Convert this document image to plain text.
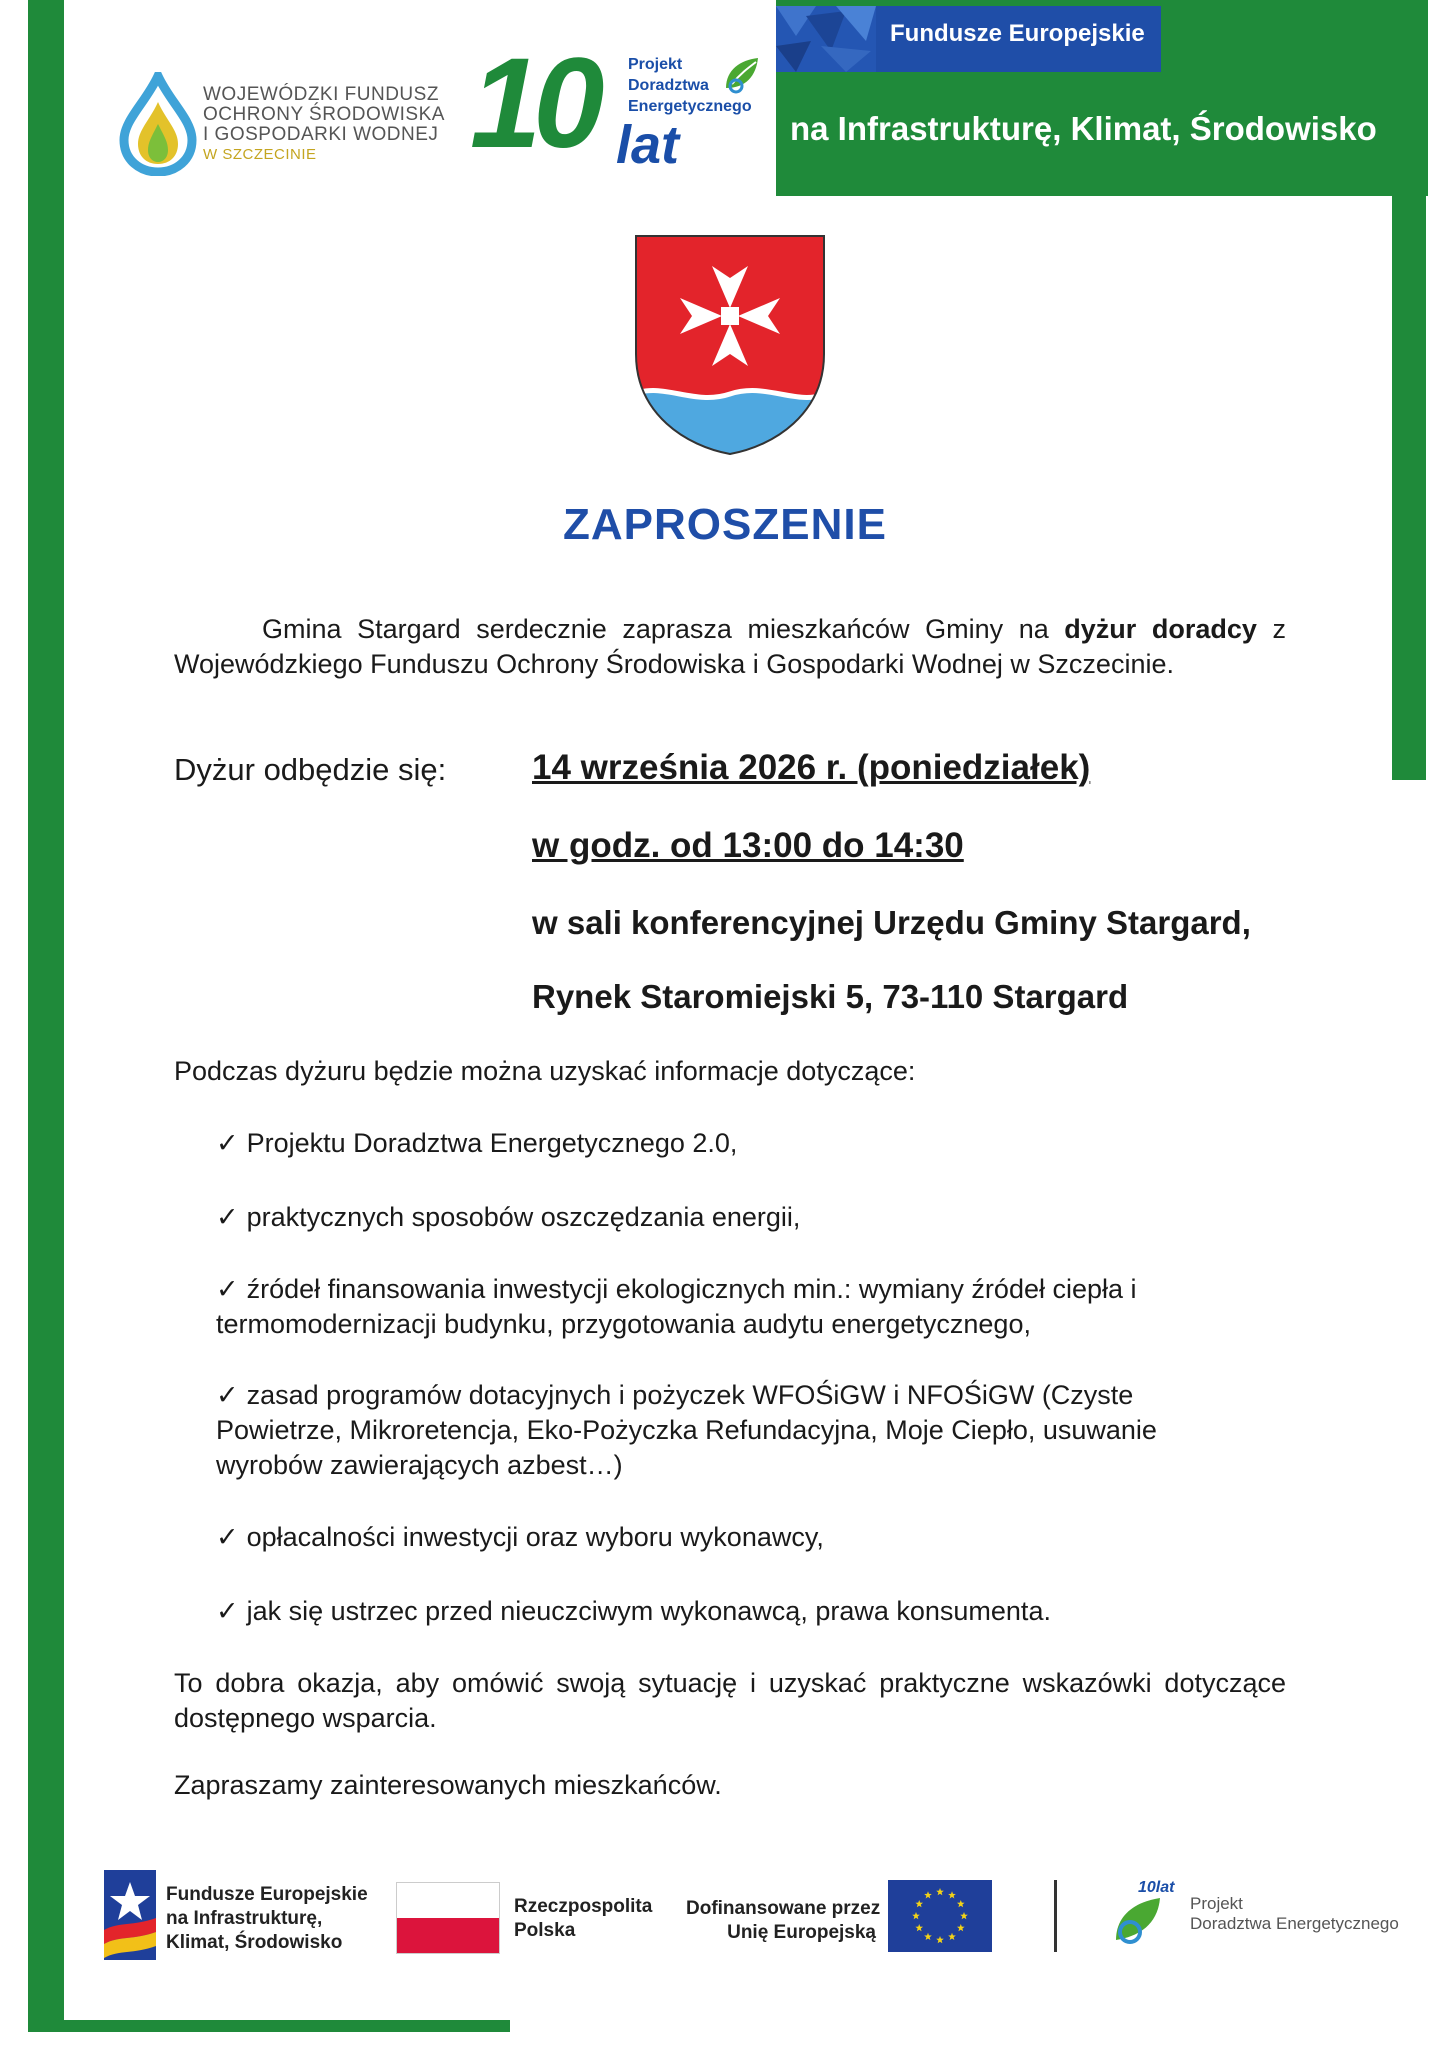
Fundusze Europejskie
na Infrastrukturę, Klimat, Środowisko
WOJEWÓDZKI FUNDUSZ
OCHRONY ŚRODOWISKA
I GOSPODARKI WODNEJ
W SZCZECINIE 10 lat
Projekt
Doradztwa
Energetycznego
ZAPROSZENIE
Gmina Stargard serdecznie zaprasza mieszkańców Gminy na dyżur doradcy z Wojewódzkiego Funduszu Ochrony Środowiska i Gospodarki Wodnej w Szczecinie.
Dyżur odbędzie się: 14 września 2026 r. (poniedziałek)
w godz. od 13:00 do 14:30
w sali konferencyjnej Urzędu Gminy Stargard,
Rynek Staromiejski 5, 73-110 Stargard
Podczas dyżuru będzie można uzyskać informacje dotyczące:
✓ Projektu Doradztwa Energetycznego 2.0,
✓ praktycznych sposobów oszczędzania energii,
✓ źródeł finansowania inwestycji ekologicznych min.: wymiany źródeł ciepła i termomodernizacji budynku, przygotowania audytu energetycznego,
✓ zasad programów dotacyjnych i pożyczek WFOŚiGW i NFOŚiGW (Czyste Powietrze, Mikroretencja, Eko-Pożyczka Refundacyjna, Moje Ciepło, usuwanie wyrobów zawierających azbest…)
✓ opłacalności inwestycji oraz wyboru wykonawcy,
✓ jak się ustrzec przed nieuczciwym wykonawcą, prawa konsumenta.
To dobra okazja, aby omówić swoją sytuację i uzyskać praktyczne wskazówki dotyczące dostępnego wsparcia.
Zapraszamy zainteresowanych mieszkańców.
Fundusze Europejskie
na Infrastrukturę,
Klimat, Środowisko
Rzeczpospolita
Polska
Dofinansowane przez
Unię Europejską
10lat
Projekt
Doradztwa Energetycznego
